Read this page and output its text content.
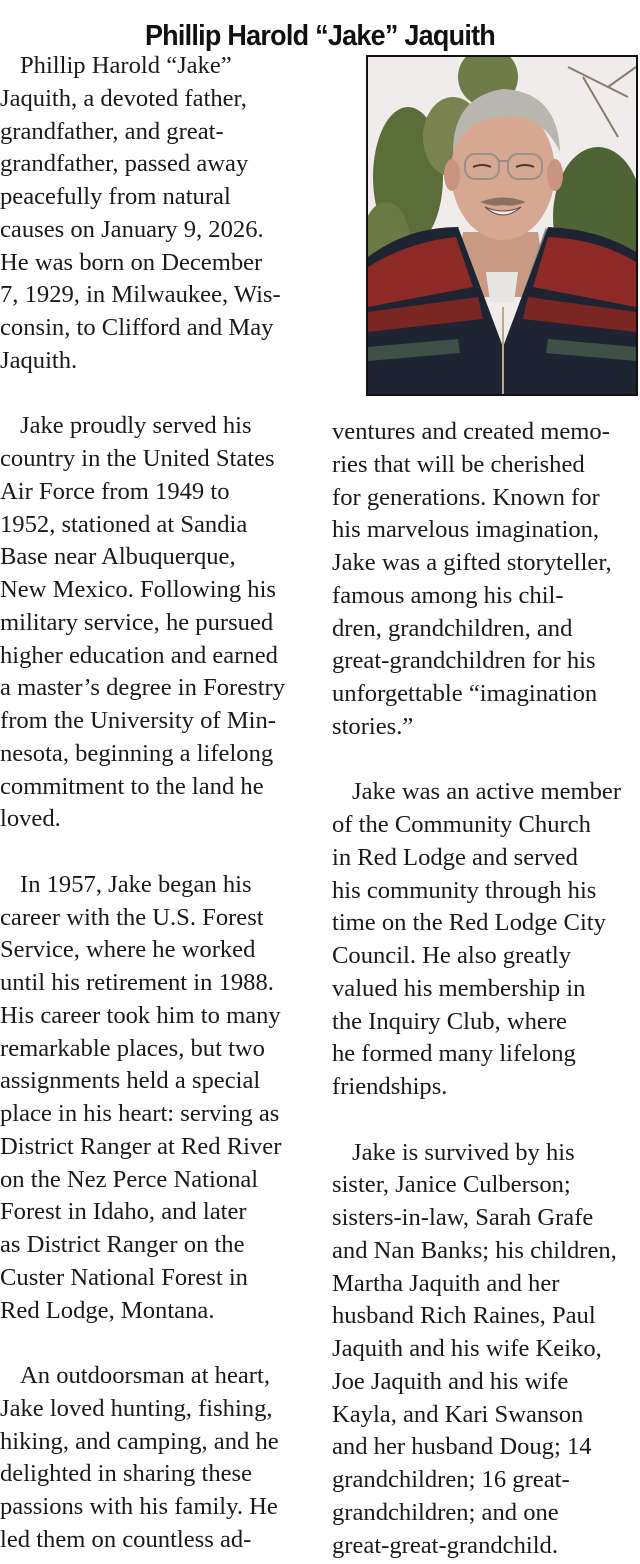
Phillip Harold “Jake” Jaquith

Phillip Harold “Jake”

Jaquith, a devoted father,

grandfather, and great-

grandfather, passed away

peacefully from natural

causes on January 9, 2026.

He was born on December

7, 1929, in Milwaukee, Wis-

consin, to Clifford and May

Jaquith.

Jake proudly served his

country in the United States

Air Force from 1949 to

1952, stationed at Sandia

Base near Albuquerque,

New Mexico. Following his

military service, he pursued

higher education and earned

a master’s degree in Forestry

from the University of Min-

nesota, beginning a lifelong

commitment to the land he

loved.

In 1957, Jake began his

career with the U.S. Forest

Service, where he worked

until his retirement in 1988.

His career took him to many

remarkable places, but two

assignments held a special

place in his heart: serving as

District Ranger at Red River

on the Nez Perce National

Forest in Idaho, and later

as District Ranger on the

Custer National Forest in

Red Lodge, Montana.

An outdoorsman at heart,

Jake loved hunting, fishing,

hiking, and camping, and he

delighted in sharing these

passions with his family. He

led them on countless ad-

ventures and created memo-

ries that will be cherished

for generations. Known for

his marvelous imagination,

Jake was a gifted storyteller,

famous among his chil-

dren, grandchildren, and

great-grandchildren for his

unforgettable “imagination

stories.”

Jake was an active member

of the Community Church

in Red Lodge and served

his community through his

time on the Red Lodge City

Council. He also greatly

valued his membership in

the Inquiry Club, where

he formed many lifelong

friendships.

Jake is survived by his

sister, Janice Culberson;

sisters-in-law, Sarah Grafe

and Nan Banks; his children,

Martha Jaquith and her

husband Rich Raines, Paul

Jaquith and his wife Keiko,

Joe Jaquith and his wife

Kayla, and Kari Swanson

and her husband Doug; 14

grandchildren; 16 great-

grandchildren; and one

great-great-grandchild.
